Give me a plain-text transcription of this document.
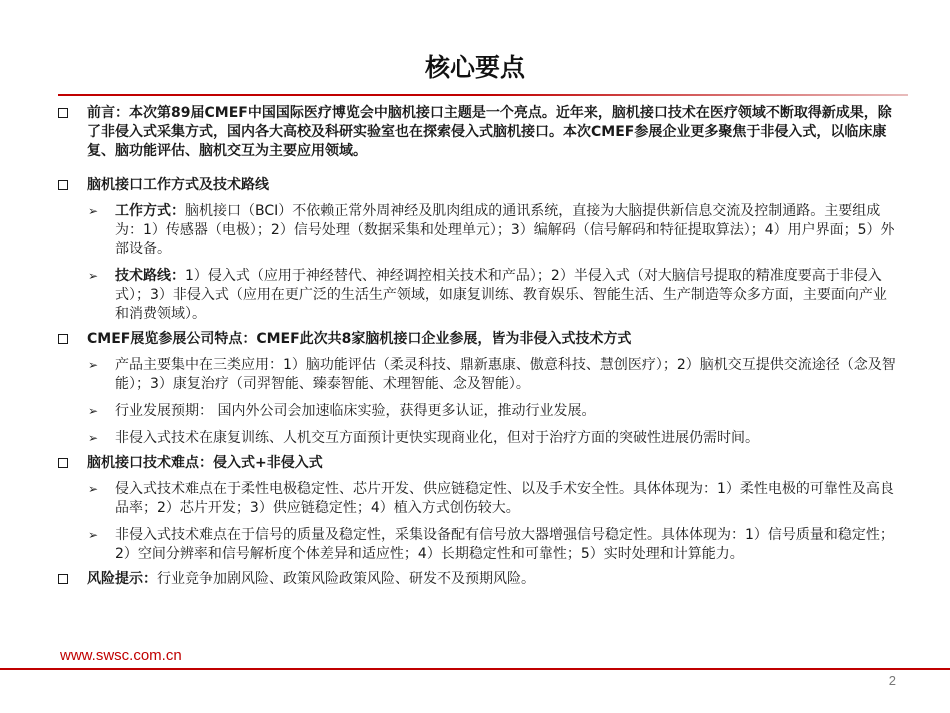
核心要点
前言：本次第89届CMEF中国国际医疗博览会中脑机接口主题是一个亮点。近年来，脑机接口技术在医疗领域不断取得新成果，除了非侵入式采集方式，国内各大高校及科研实验室也在探索侵入式脑机接口。本次CMEF参展企业更多聚焦于非侵入式，以临床康复、脑功能评估、脑机交互为主要应用领域。
脑机接口工作方式及技术路线
➢ 工作方式：脑机接口（BCI）不依赖正常外周神经及肌肉组成的通讯系统，直接为大脑提供新信息交流及控制通路。主要组成为：1）传感器（电极）；2）信号处理（数据采集和处理单元）；3）编解码（信号解码和特征提取算法）；4）用户界面；5）外部设备。
➢ 技术路线：1）侵入式（应用于神经替代、神经调控相关技术和产品）；2）半侵入式（对大脑信号提取的精准度要高于非侵入式）；3）非侵入式（应用在更广泛的生活生产领域，如康复训练、教育娱乐、智能生活、生产制造等众多方面，主要面向产业和消费领域）。
CMEF展览参展公司特点：CMEF此次共8家脑机接口企业参展，皆为非侵入式技术方式
➢ 产品主要集中在三类应用：1）脑功能评估（柔灵科技、鼎新惠康、傲意科技、慧创医疗）；2）脑机交互提供交流途径（念及智能）；3）康复治疗（司羿智能、臻泰智能、术理智能、念及智能）。
➢ 行业发展预期： 国内外公司会加速临床实验，获得更多认证，推动行业发展。
➢ 非侵入式技术在康复训练、人机交互方面预计更快实现商业化，但对于治疗方面的突破性进展仍需时间。
脑机接口技术难点：侵入式+非侵入式
➢ 侵入式技术难点在于柔性电极稳定性、芯片开发、供应链稳定性、以及手术安全性。具体体现为：1）柔性电极的可靠性及高良品率；2）芯片开发；3）供应链稳定性；4）植入方式创伤较大。
➢ 非侵入式技术难点在于信号的质量及稳定性，采集设备配有信号放大器增强信号稳定性。具体体现为：1）信号质量和稳定性；2）空间分辨率和信号解析度个体差异和适应性；4）长期稳定性和可靠性；5）实时处理和计算能力。
风险提示：行业竞争加剧风险、政策风险政策风险、研发不及预期风险。
www.swsc.com.cn
2
